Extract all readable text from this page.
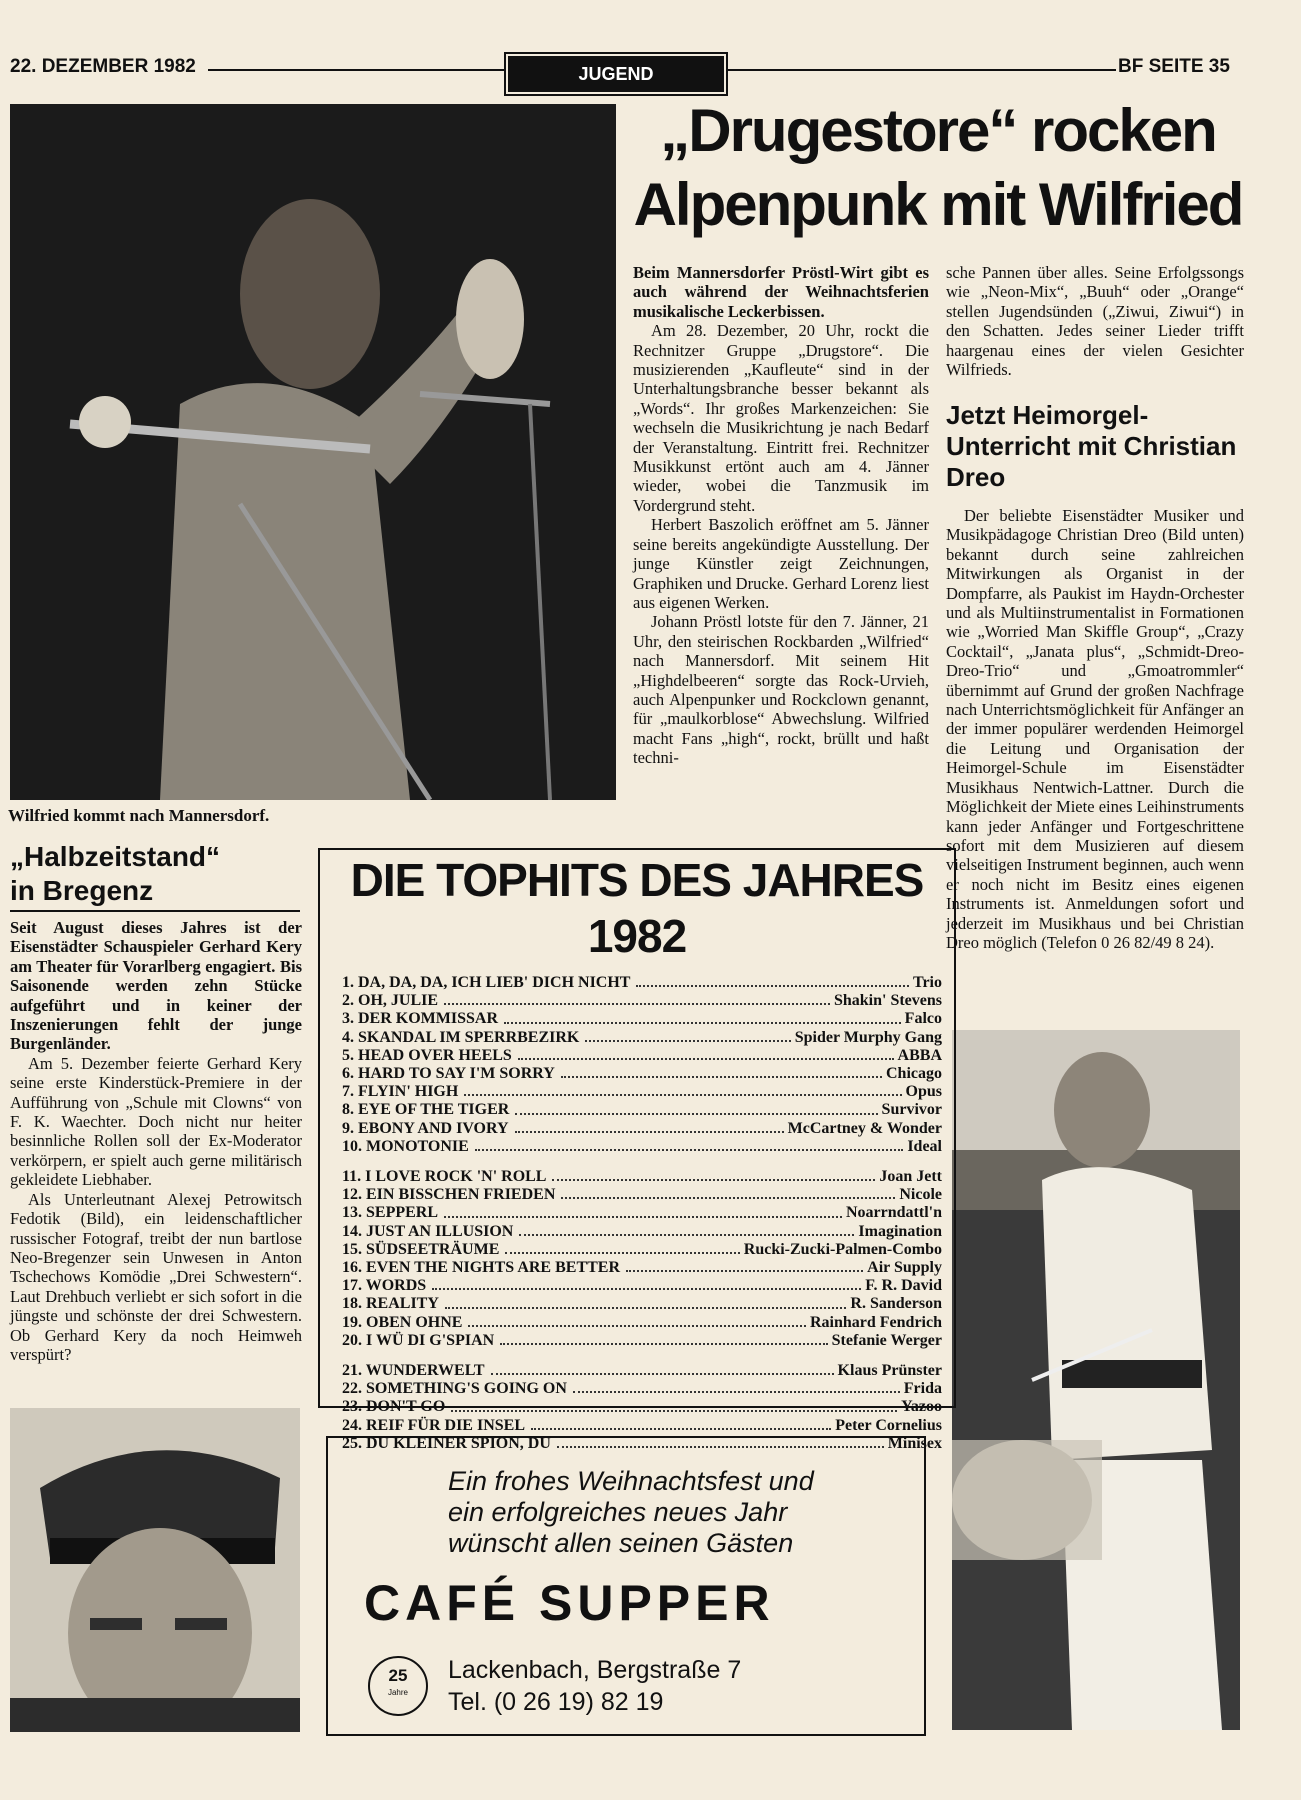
22. DEZEMBER 1982	JUGEND	BF SEITE 35
Wilfried kommt nach Mannersdorf.
„Drugestore“ rocken
Alpenpunk mit Wilfried

Beim Mannersdorfer Pröstl-Wirt gibt es auch während der Weihnachtsferien musikalische Leckerbissen.

Am 28. Dezember, 20 Uhr, rockt die Rechnitzer Gruppe „Drugstore“. Die musizierenden „Kaufleute“ sind in der Unterhaltungsbranche besser bekannt als „Words“. Ihr großes Markenzeichen: Sie wechseln die Musikrichtung je nach Bedarf der Veranstaltung. Eintritt frei. Rechnitzer Musikkunst ertönt auch am 4. Jänner wieder, wobei die Tanzmusik im Vordergrund steht.

Herbert Baszolich eröffnet am 5. Jänner seine bereits angekündigte Ausstellung. Der junge Künstler zeigt Zeichnungen, Graphiken und Drucke. Gerhard Lorenz liest aus eigenen Werken.

Johann Pröstl lotste für den 7. Jänner, 21 Uhr, den steirischen Rockbarden „Wilfried“ nach Mannersdorf. Mit seinem Hit „Highdelbeeren“ sorgte das Rock-Urvieh, auch Alpenpunker und Rockclown genannt, für „maulkorblose“ Abwechslung. Wilfried macht Fans „high“, rockt, brüllt und haßt techni-

sche Pannen über alles. Seine Erfolgssongs wie „Neon-Mix“, „Buuh“ oder „Orange“ stellen Jugendsünden („Ziwui, Ziwui“) in den Schatten. Jedes seiner Lieder trifft haargenau eines der vielen Gesichter Wilfrieds.

Jetzt Heimorgel-Unterricht mit Christian Dreo

Der beliebte Eisenstädter Musiker und Musikpädagoge Christian Dreo (Bild unten) bekannt durch seine zahlreichen Mitwirkungen als Organist in der Dompfarre, als Paukist im Haydn-Orchester und als Multiinstrumentalist in Formationen wie „Worried Man Skiffle Group“, „Crazy Cocktail“, „Janata plus“, „Schmidt-Dreo-Dreo-Trio“ und „Gmoatrommler“ übernimmt auf Grund der großen Nachfrage nach Unterrichtsmöglichkeit für Anfänger an der immer populärer werdenden Heimorgel die Leitung und Organisation der Heimorgel-Schule im Eisenstädter Musikhaus Nentwich-Lattner. Durch die Möglichkeit der Miete eines Leihinstruments kann jeder Anfänger und Fortgeschrittene sofort mit dem Musizieren auf diesem vielseitigen Instrument beginnen, auch wenn er noch nicht im Besitz eines eigenen Instruments ist. Anmeldungen sofort und jederzeit im Musikhaus und bei Christian Dreo möglich (Telefon 0 26 82/49 8 24).

„Halbzeitstand“
in Bregenz

Seit August dieses Jahres ist der Eisenstädter Schauspieler Gerhard Kery am Theater für Vorarlberg engagiert. Bis Saisonende werden zehn Stücke aufgeführt und in keiner der Inszenierungen fehlt der junge Burgenländer.

Am 5. Dezember feierte Gerhard Kery seine erste Kinderstück-Premiere in der Aufführung von „Schule mit Clowns“ von F. K. Waechter. Doch nicht nur heiter besinnliche Rollen soll der Ex-Moderator verkörpern, er spielt auch gerne militärisch gekleidete Liebhaber.

Als Unterleutnant Alexej Petrowitsch Fedotik (Bild), ein leidenschaftlicher russischer Fotograf, treibt der nun bartlose Neo-Bregenzer sein Unwesen in Anton Tschechows Komödie „Drei Schwestern“. Laut Drehbuch verliebt er sich sofort in die jüngste und schönste der drei Schwestern. Ob Gerhard Kery da noch Heimweh verspürt?

DIE TOPHITS DES JAHRES 1982
1. DA, DA, DA, ICH LIEB' DICH NICHT	Trio
2. OH, JULIE	Shakin' Stevens
3. DER KOMMISSAR	Falco
4. SKANDAL IM SPERRBEZIRK	Spider Murphy Gang
5. HEAD OVER HEELS	ABBA
6. HARD TO SAY I'M SORRY	Chicago
7. FLYIN' HIGH	Opus
8. EYE OF THE TIGER	Survivor
9. EBONY AND IVORY	McCartney & Wonder
10. MONOTONIE	Ideal
11. I LOVE ROCK 'N' ROLL	Joan Jett
12. EIN BISSCHEN FRIEDEN	Nicole
13. SEPPERL	Noarrndattl'n
14. JUST AN ILLUSION	Imagination
15. SÜDSEETRÄUME	Rucki-Zucki-Palmen-Combo
16. EVEN THE NIGHTS ARE BETTER	Air Supply
17. WORDS	F. R. David
18. REALITY	R. Sanderson
19. OBEN OHNE	Rainhard Fendrich
20. I WÜ DI G'SPIAN	Stefanie Werger
21. WUNDERWELT	Klaus Prünster
22. SOMETHING'S GOING ON	Frida
23. DON'T GO	Yazoo
24. REIF FÜR DIE INSEL	Peter Cornelius
25. DU KLEINER SPION, DU	Minisex
Ein frohes Weihnachtsfest und
ein erfolgreiches neues Jahr
wünscht allen seinen Gästen
CAFÉ SUPPER
25
Jahre
Lackenbach, Bergstraße 7
Tel. (0 26 19) 82 19
